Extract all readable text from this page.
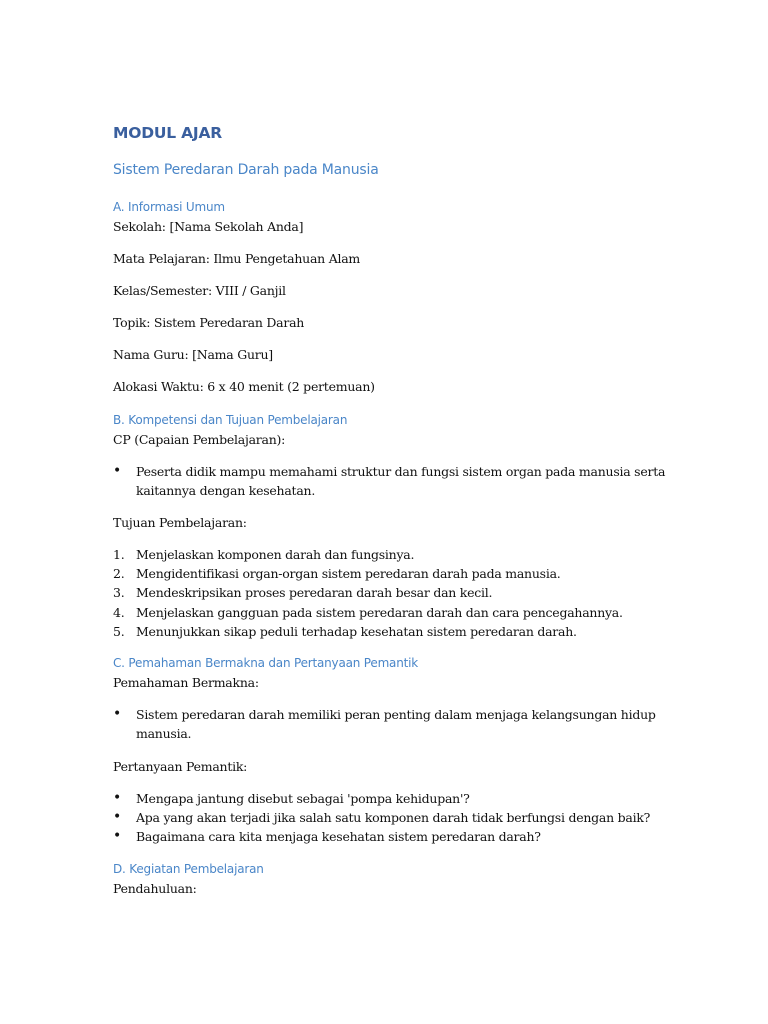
MODUL AJAR
Sistem Peredaran Darah pada Manusia
A. Informasi Umum

Sekolah: [Nama Sekolah Anda]

Mata Pelajaran: Ilmu Pengetahuan Alam

Kelas/Semester: VIII / Ganjil

Topik: Sistem Peredaran Darah

Nama Guru: [Nama Guru]

Alokasi Waktu: 6 x 40 menit (2 pertemuan)

B. Kompetensi dan Tujuan Pembelajaran

CP (Capaian Pembelajaran):

•	Peserta didik mampu memahami struktur dan fungsi sistem organ pada manusia serta kaitannya dengan kesehatan.

Tujuan Pembelajaran:

1. Menjelaskan komponen darah dan fungsinya.
2. Mengidentifikasi organ-organ sistem peredaran darah pada manusia.
3. Mendeskripsikan proses peredaran darah besar dan kecil.
4. Menjelaskan gangguan pada sistem peredaran darah dan cara pencegahannya.
5. Menunjukkan sikap peduli terhadap kesehatan sistem peredaran darah.
C. Pemahaman Bermakna dan Pertanyaan Pemantik

Pemahaman Bermakna:

•	Sistem peredaran darah memiliki peran penting dalam menjaga kelangsungan hidup manusia.

Pertanyaan Pemantik:

•	Mengapa jantung disebut sebagai 'pompa kehidupan'?
•	Apa yang akan terjadi jika salah satu komponen darah tidak berfungsi dengan baik?
•	Bagaimana cara kita menjaga kesehatan sistem peredaran darah?
D. Kegiatan Pembelajaran

Pendahuluan:
